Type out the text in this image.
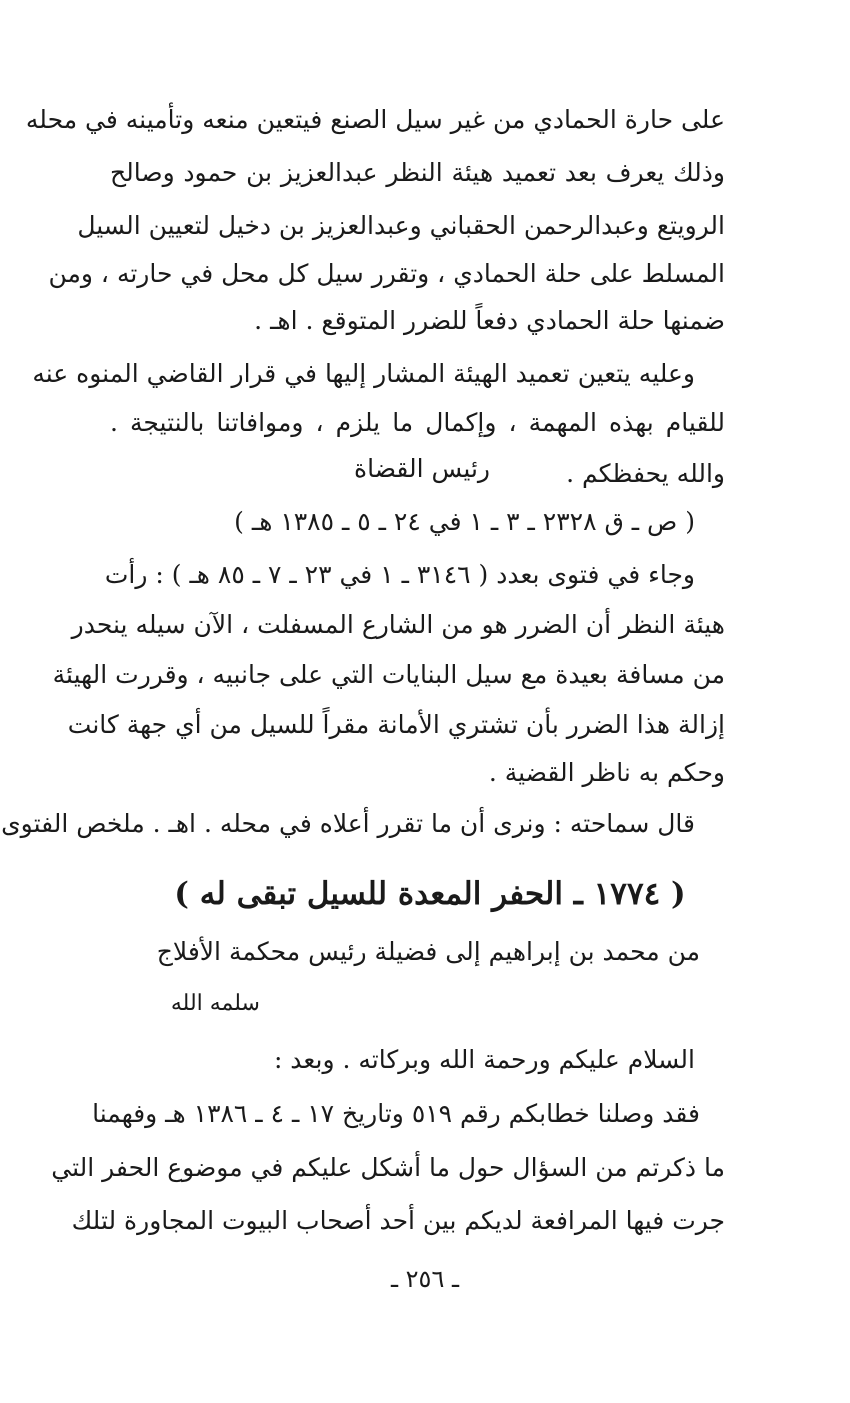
على حارة الحمادي من غير سيل الصنع فيتعين منعه وتأمينه في محله
وذلك يعرف بعد تعميد هيئة النظر عبدالعزيز بن حمود وصالح
الرويتع وعبدالرحمن الحقباني وعبدالعزيز بن دخيل لتعيين السيل
المسلط على حلة الحمادي ، وتقرر سيل كل محل في حارته ، ومن
ضمنها حلة الحمادي دفعاً للضرر المتوقع . اهـ .
وعليه يتعين تعميد الهيئة المشار إليها في قرار القاضي المنوه عنه
للقيام بهذه المهمة ، وإكمال ما يلزم ، وموافاتنا بالنتيجة .
والله يحفظكم .
رئيس القضاة
( ص ـ ق ٢٣٢٨ ـ ٣ ـ ١ في ٢٤ ـ ٥ ـ ١٣٨٥ هـ )
وجاء في فتوى بعدد ( ٣١٤٦ ـ ١ في ٢٣ ـ ٧ ـ ٨٥ هـ ) : رأت
هيئة النظر أن الضرر هو من الشارع المسفلت ، الآن سيله ينحدر
من مسافة بعيدة مع سيل البنايات التي على جانبيه ، وقررت الهيئة
إزالة هذا الضرر بأن تشتري الأمانة مقراً للسيل من أي جهة كانت
وحكم به ناظر القضية .
قال سماحته : ونرى أن ما تقرر أعلاه في محله . اهـ . ملخص الفتوى
( ١٧٧٤ ـ الحفر المعدة للسيل تبقى له )
من محمد بن إبراهيم إلى فضيلة رئيس محكمة الأفلاج
سلمه الله
السلام عليكم ورحمة الله وبركاته . وبعد :
فقد وصلنا خطابكم رقم ٥١٩ وتاريخ ١٧ ـ ٤ ـ ١٣٨٦ هـ وفهمنا
ما ذكرتم من السؤال حول ما أشكل عليكم في موضوع الحفر التي
جرت فيها المرافعة لديكم بين أحد أصحاب البيوت المجاورة لتلك
ـ ٢٥٦ ـ
